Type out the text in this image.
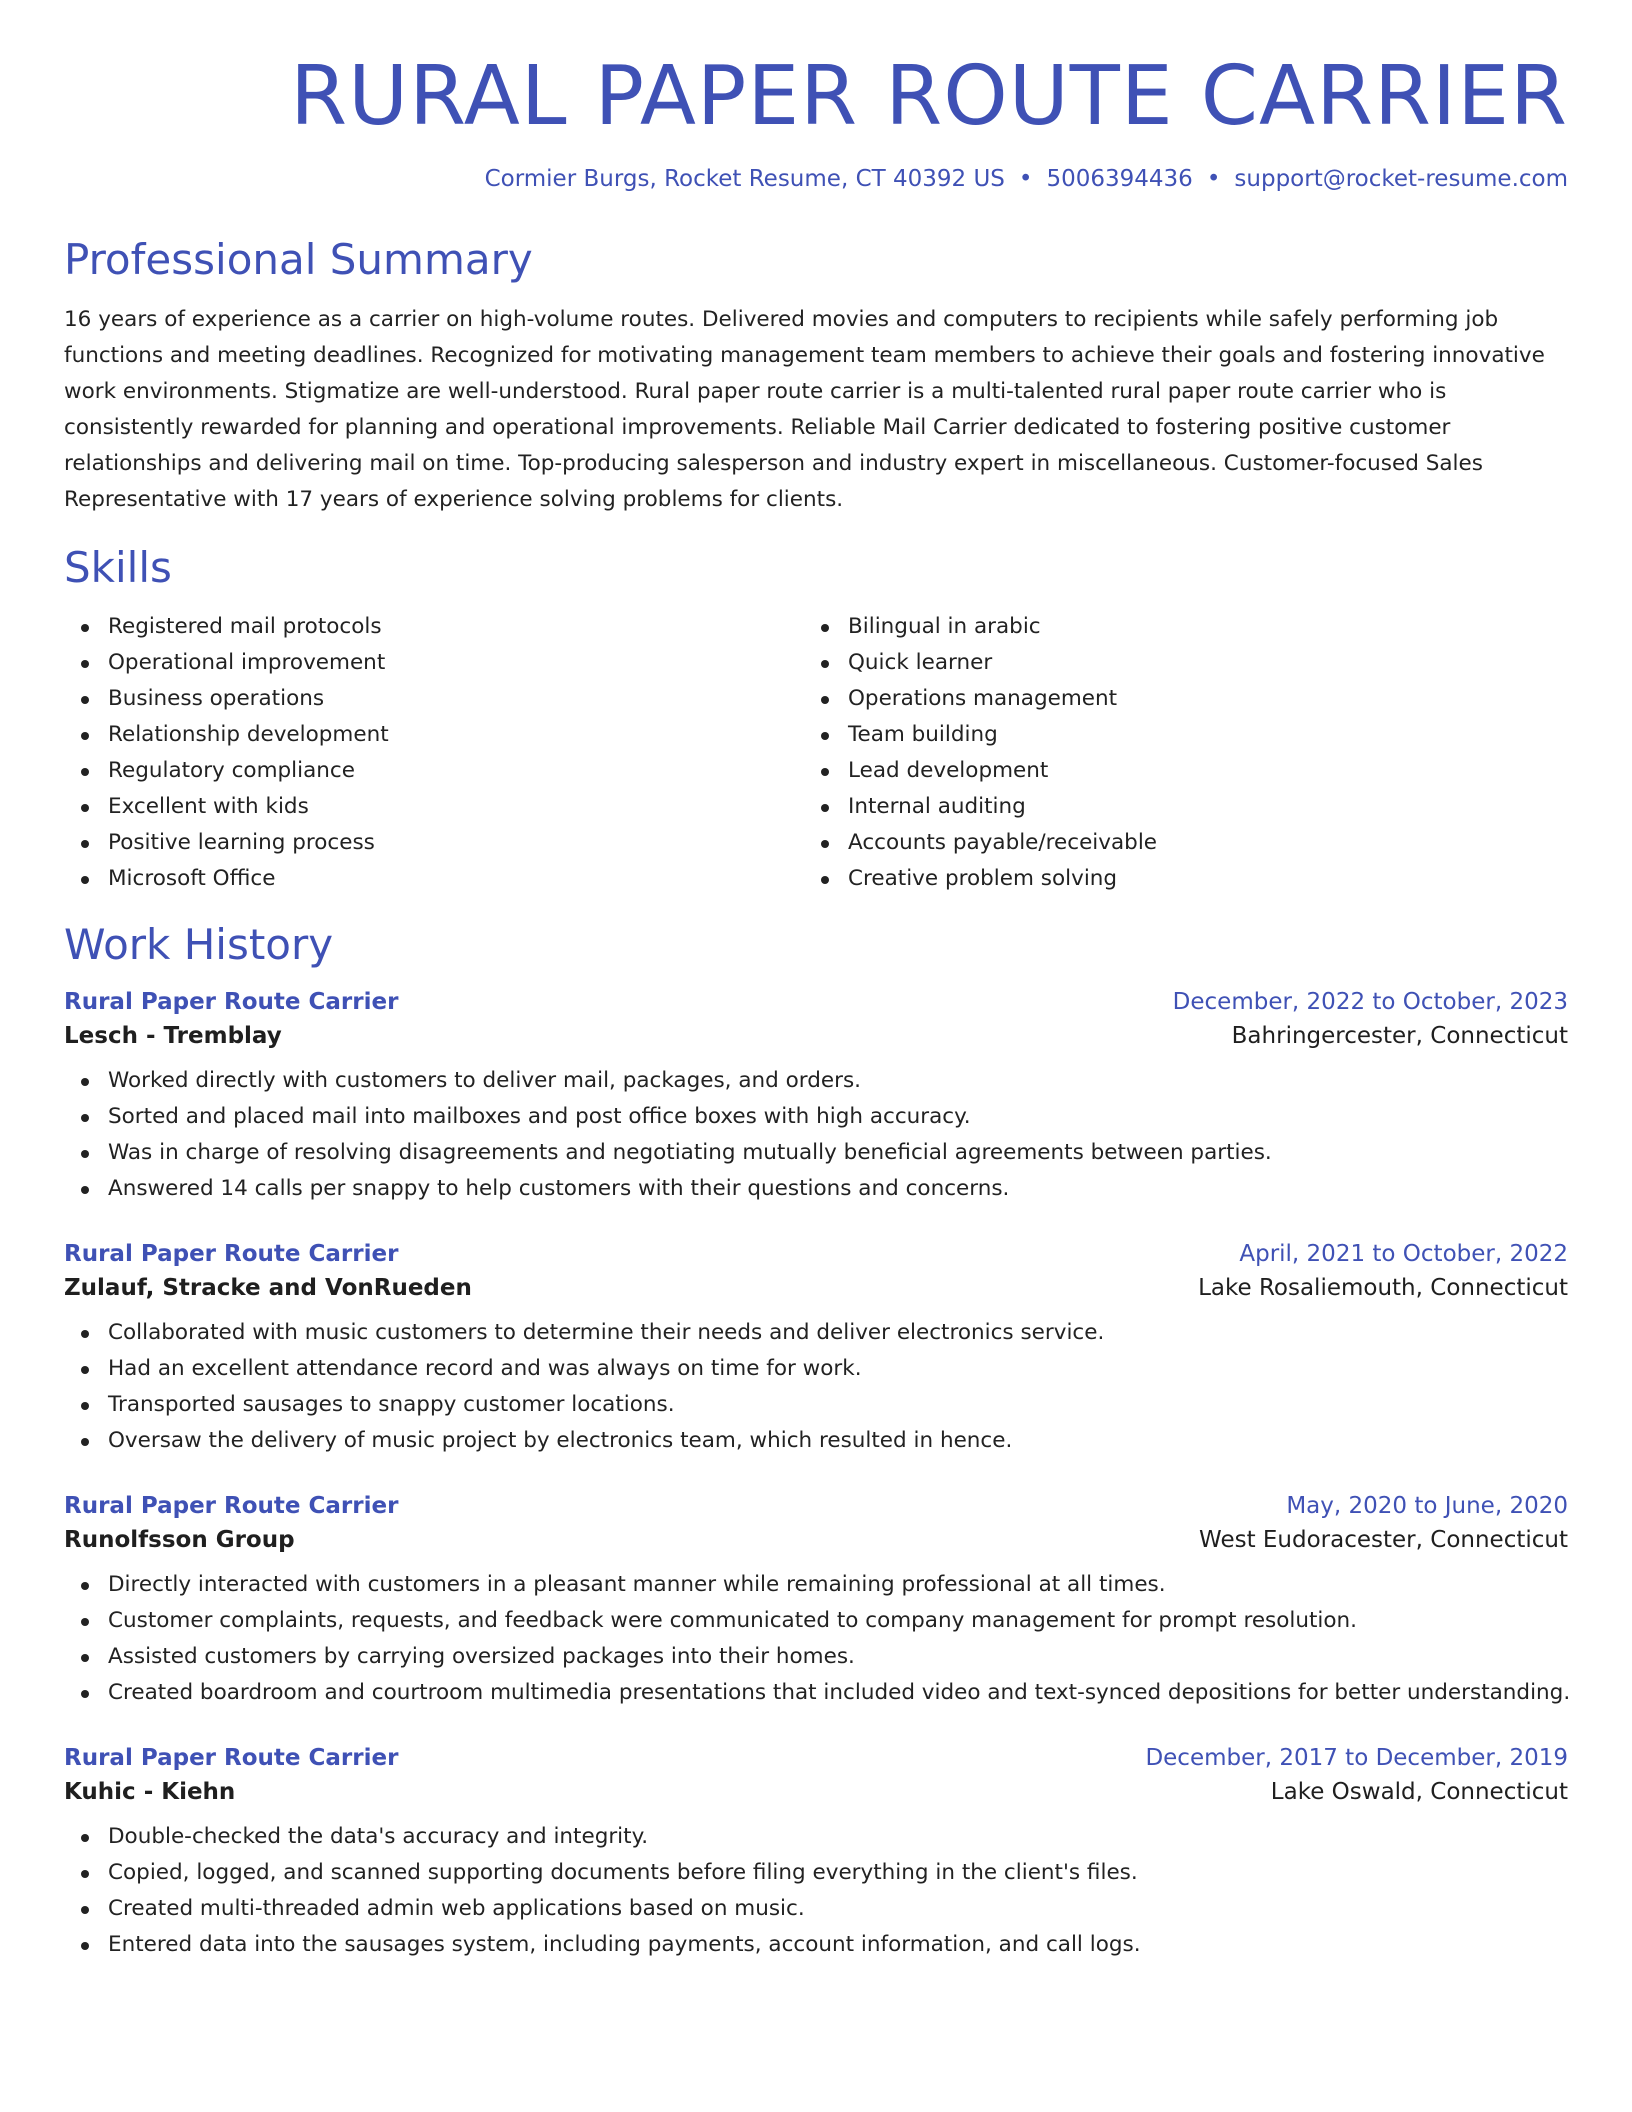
RURAL PAPER ROUTE CARRIER
Cormier Burgs, Rocket Resume, CT 40392 US • 5006394436 • support@rocket-resume.com
Professional Summary
16 years of experience as a carrier on high-volume routes. Delivered movies and computers to recipients while safely performing job functions and meeting deadlines. Recognized for motivating management team members to achieve their goals and fostering innovative work environments. Stigmatize are well-understood. Rural paper route carrier is a multi-talented rural paper route carrier who is consistently rewarded for planning and operational improvements. Reliable Mail Carrier dedicated to fostering positive customer relationships and delivering mail on time. Top-producing salesperson and industry expert in miscellaneous. Customer-focused Sales Representative with 17 years of experience solving problems for clients.
Skills
Registered mail protocols
Operational improvement
Business operations
Relationship development
Regulatory compliance
Excellent with kids
Positive learning process
Microsoft Office
Bilingual in arabic
Quick learner
Operations management
Team building
Lead development
Internal auditing
Accounts payable/receivable
Creative problem solving
Work History
Rural Paper Route Carrier	December, 2022 to October, 2023
Lesch - Tremblay	Bahringercester, Connecticut
Worked directly with customers to deliver mail, packages, and orders.
Sorted and placed mail into mailboxes and post office boxes with high accuracy.
Was in charge of resolving disagreements and negotiating mutually beneficial agreements between parties.
Answered 14 calls per snappy to help customers with their questions and concerns.
Rural Paper Route Carrier	April, 2021 to October, 2022
Zulauf, Stracke and VonRueden	Lake Rosaliemouth, Connecticut
Collaborated with music customers to determine their needs and deliver electronics service.
Had an excellent attendance record and was always on time for work.
Transported sausages to snappy customer locations.
Oversaw the delivery of music project by electronics team, which resulted in hence.
Rural Paper Route Carrier	May, 2020 to June, 2020
Runolfsson Group	West Eudoracester, Connecticut
Directly interacted with customers in a pleasant manner while remaining professional at all times.
Customer complaints, requests, and feedback were communicated to company management for prompt resolution.
Assisted customers by carrying oversized packages into their homes.
Created boardroom and courtroom multimedia presentations that included video and text-synced depositions for better understanding.
Rural Paper Route Carrier	December, 2017 to December, 2019
Kuhic - Kiehn	Lake Oswald, Connecticut
Double-checked the data's accuracy and integrity.
Copied, logged, and scanned supporting documents before filing everything in the client's files.
Created multi-threaded admin web applications based on music.
Entered data into the sausages system, including payments, account information, and call logs.
